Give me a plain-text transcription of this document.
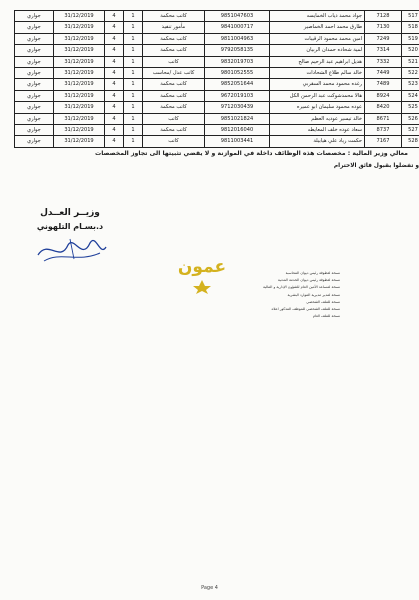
517	7128	جواد محمد ذياب الخمايسه	9851047603	كاتب محكمة	1	4	31/12/2019	جوازي
518	7130	طارق محمد احمد الخماصير	9841000717	مأمور تنفيذ	1	4	31/12/2019	جوازي
519	7249	امين محمد محمود الرقيبات	9811004963	كاتب محكمة	1	4	31/12/2019	جوازي
520	7314	لمية شحاده حمدان الربيان	9792058135	كاتب محكمة	1	4	31/12/2019	جوازي
521	7332	هديل ابراهيم عبد الرحيم صالح	9832019703	كاتب	1	4	31/12/2019	جوازي
522	7449	خالد سالم طلاع الشحادات	9801052555	كاتب عدل /محاسب	1	4	31/12/2019	جوازي
523	7489	رغده محمود محمد السقربي	9852051644	كاتب محكمة	1	4	31/12/2019	جوازي
524	8924	هالا محمدشوكت عبد الرحمن الكل	9672019103	كاتب محكمة	1	4	31/12/2019	جوازي
525	8420	عوده محمود سليمان ابو عميره	9712030439	كاتب محكمة	1	4	31/12/2019	جوازي
526	8671	خالد تيسير عوديه العظم	9851021824	كاتب	1	4	31/12/2019	جوازي
527	8737	سعاد عوده خلف المعايطه	9812016040	كاتب محكمة	1	4	31/12/2019	جوازي
528	7167	حكمت زياد علي هيابيلة	9811003441	كاتب	1	4	31/12/2019	جوازي
معالي وزير المالية : مخصصات هذه الوظائف داخلة في الموازنة و لا يقضي تثبيتها الى تجاوز المخصصات
و تفضلوا بقبول فائق الاحترام
وزيــر العــدل
د.بسـام التلهوني
عمون	نسخة لعطوفة رئيس ديوان المحاسبة
نسخة لعطوفة رئيس ديوان الخدمة المدنية
نسخة لمساعد الأمين العام للشؤون الإدارية و المالية
نسخة لمدير مديرية الموارد البشرية
نسخة للملف الشخصي
نسخة للملف الشخصي للموظف المذكور اعلاه
نسخة للملف العام
Page 4
